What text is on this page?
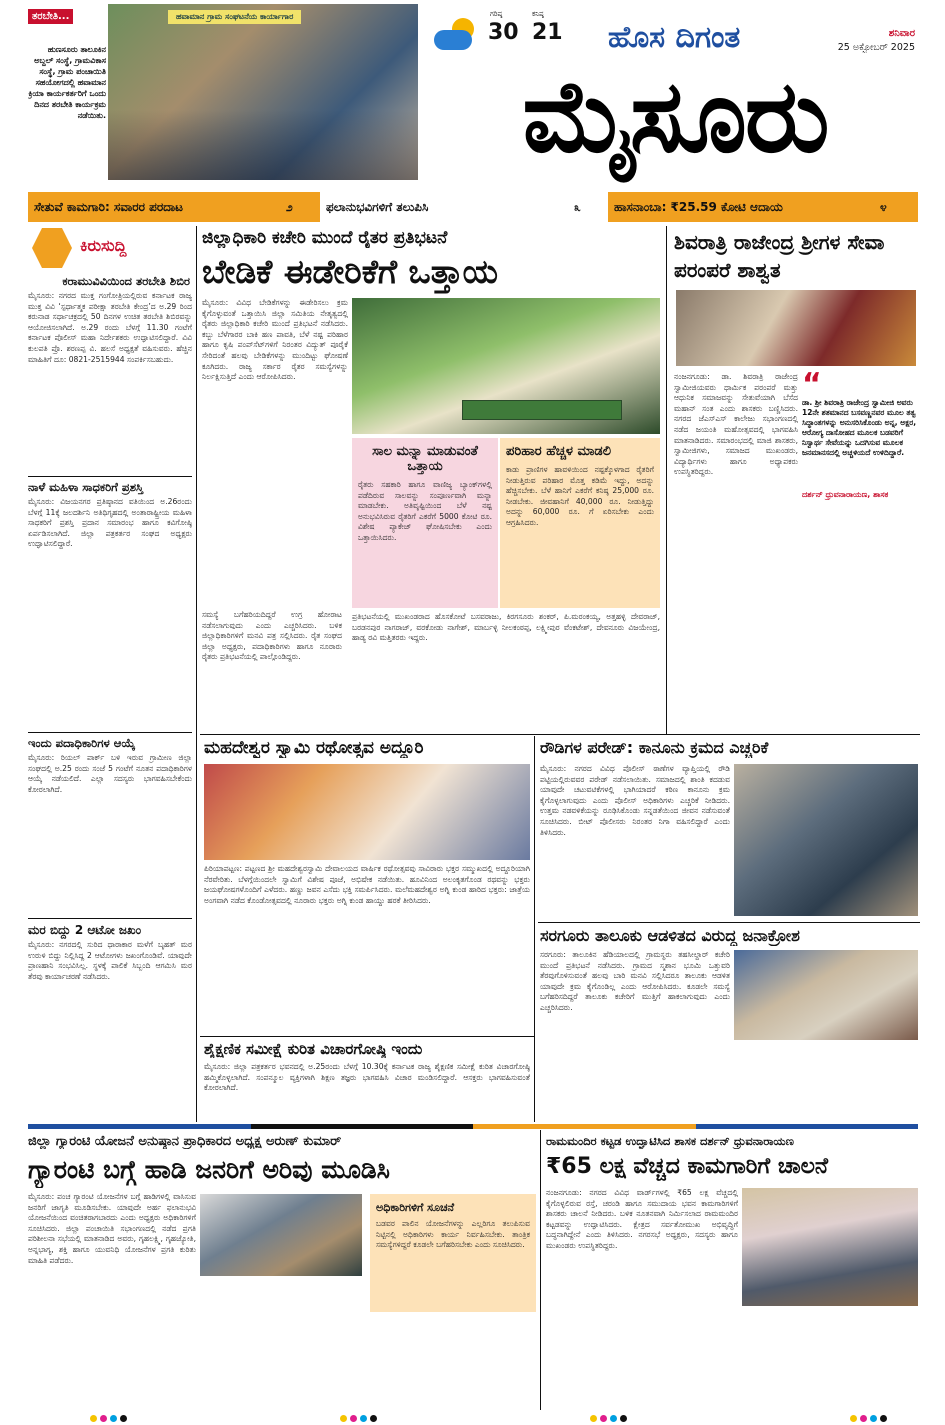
ತರಬೇತಿ...
ಹುಣಸೂರು ತಾಲೂಕಿನ ಅಬ್ದಲ್ ಸಂಸ್ಥೆ, ಗ್ರಾಮವಿಕಾಸ ಸಂಸ್ಥೆ, ಗ್ರಾಮ ಪಂಚಾಯಿತಿ ಸಹಯೋಗದಲ್ಲಿ ಹವಾಮಾನ ಕ್ರಿಯಾ ಕಾರ್ಯಕರ್ತರಿಗೆ ಒಂದು ದಿನದ ತರಬೇತಿ ಕಾರ್ಯಕ್ರಮ ನಡೆಯಿತು.
ಹವಾಮಾನ ಗ್ರಾಮ ಸಂಘಟನೆಯ ಕಾರ್ಯಾಗಾರ	ಗರಿಷ್ಠ
30
ಕನಿಷ್ಠ
21 ಹೊಸ ದಿಗಂತ	ಶನಿವಾರ
25 ಅಕ್ಟೋಬರ್ 2025
ಮೈಸೂರು
ಸೇತುವೆ ಕಾಮಗಾರಿ: ಸವಾರರ ಪರದಾಟ	೨	ಫಲಾನುಭವಿಗಳಿಗೆ ತಲುಪಿಸಿ	೩	ಹಾಸನಾಂಬಾ: ₹25.59 ಕೋಟಿ ಆದಾಯ	೪
ಕಿರುಸುದ್ದಿ
ಕರಾಮುವಿವಿಯಿಂದ ತರಬೇತಿ ಶಿಬಿರ
ಮೈಸೂರು: ನಗರದ ಮುಕ್ತ ಗಂಗೋತ್ರಿಯಲ್ಲಿರುವ ಕರ್ನಾಟಕ ರಾಜ್ಯ ಮುಕ್ತ ವಿವಿ ‘ಸ್ಪರ್ಧಾತ್ಮಕ ಪರೀಕ್ಷಾ ತರಬೇತಿ ಕೇಂದ್ರ’ದ ಅ.29 ರಿಂದ ಕರುನಾಡ ಸರ್ಧಾಚಕ್ರದಲ್ಲಿ 50 ದಿನಗಳ ಉಚಿತ ತರಬೇತಿ ಶಿಬಿರವನ್ನು ಆಯೋಜಿಸಲಾಗಿದೆ. ಅ.29 ರಂದು ಬೆಳಗ್ಗೆ 11.30 ಗಂಟೆಗೆ ಕರ್ನಾಟಕ ಪೊಲೀಸ್ ಮಹಾ ನಿರ್ದೇಶಕರು ಉದ್ಘಾಟಿಸಲಿದ್ದಾರೆ. ವಿವಿ ಕುಲಪತಿ ಪ್ರೊ. ಶರಣಪ್ಪ ವಿ. ಹಲಸೆ ಅಧ್ಯಕ್ಷತೆ ವಹಿಸುವರು. ಹೆಚ್ಚಿನ ಮಾಹಿತಿಗೆ ದೂ: 0821-2515944 ಸಂಪರ್ಕಿಸಬಹುದು.
ನಾಳೆ ಮಹಿಳಾ ಸಾಧಕರಿಗೆ ಪ್ರಶಸ್ತಿ
ಮೈಸೂರು: ವಿಜಯನಗರ ಪ್ರತಿಷ್ಠಾನದ ವತಿಯಿಂದ ಅ.26ರಂದು ಬೆಳಗ್ಗೆ 11ಕ್ಕೆ ಜಲದರ್ಶಿನಿ ಅತಿಥಿಗೃಹದಲ್ಲಿ ಅಂತಾರಾಷ್ಟ್ರೀಯ ಮಹಿಳಾ ಸಾಧಕರಿಗೆ ಪ್ರಶಸ್ತಿ ಪ್ರದಾನ ಸಮಾರಂಭ ಹಾಗೂ ಕವಿಗೋಷ್ಠಿ ಏರ್ಪಡಿಸಲಾಗಿದೆ. ಜಿಲ್ಲಾ ಪತ್ರಕರ್ತರ ಸಂಘದ ಅಧ್ಯಕ್ಷರು ಉದ್ಘಾಟಿಸಲಿದ್ದಾರೆ.
ಇಂದು ಪದಾಧಿಕಾರಿಗಳ ಆಯ್ಕೆ
ಮೈಸೂರು: ರಿಯಲ್‌ ಪಾರ್ಕ್ ಬಳಿ ಇರುವ ಗ್ರಾಮೀಣ ಜಿಲ್ಲಾ ಸಂಘದಲ್ಲಿ ಅ.25 ರಂದು ಸಂಜೆ 5 ಗಂಟೆಗೆ ನೂತನ ಪದಾಧಿಕಾರಿಗಳ ಆಯ್ಕೆ ನಡೆಯಲಿದೆ. ಎಲ್ಲಾ ಸದಸ್ಯರು ಭಾಗವಹಿಸಬೇಕೆಂದು ಕೋರಲಾಗಿದೆ.
ಮರ ಬಿದ್ದು 2 ಆಟೋ ಜಖಂ
ಮೈಸೂರು: ನಗರದಲ್ಲಿ ಸುರಿದ ಧಾರಾಕಾರ ಮಳೆಗೆ ಬೃಹತ್ ಮರ ಉರುಳಿ ಬಿದ್ದು ನಿಲ್ಲಿಸಿದ್ದ 2 ಆಟೋಗಳು ಜಖಂಗೊಂಡಿವೆ. ಯಾವುದೇ ಪ್ರಾಣಹಾನಿ ಸಂಭವಿಸಿಲ್ಲ. ಸ್ಥಳಕ್ಕೆ ಪಾಲಿಕೆ ಸಿಬ್ಬಂದಿ ಆಗಮಿಸಿ ಮರ ತೆರವು ಕಾರ್ಯಾಚರಣೆ ನಡೆಸಿದರು.
ಜಿಲ್ಲಾಧಿಕಾರಿ ಕಚೇರಿ ಮುಂದೆ ರೈತರ ಪ್ರತಿಭಟನೆ
ಬೇಡಿಕೆ ಈಡೇರಿಕೆಗೆ ಒತ್ತಾಯ
ಮೈಸೂರು: ವಿವಿಧ ಬೇಡಿಕೆಗಳನ್ನು ಈಡೇರಿಸಲು ಕ್ರಮ ಕೈಗೊಳ್ಳುವಂತೆ ಒತ್ತಾಯಿಸಿ ಜಿಲ್ಲಾ ಸಮಿತಿಯ ನೇತೃತ್ವದಲ್ಲಿ ರೈತರು ಜಿಲ್ಲಾಧಿಕಾರಿ ಕಚೇರಿ ಮುಂದೆ ಪ್ರತಿಭಟನೆ ನಡೆಸಿದರು. ಕಬ್ಬು ಬೆಳೆಗಾರರ ಬಾಕಿ ಹಣ ಪಾವತಿ, ಬೆಳೆ ನಷ್ಟ ಪರಿಹಾರ ಹಾಗೂ ಕೃಷಿ ಪಂಪ್‌ಸೆಟ್‌ಗಳಿಗೆ ನಿರಂತರ ವಿದ್ಯುತ್ ಪೂರೈಕೆ ಸೇರಿದಂತೆ ಹಲವು ಬೇಡಿಕೆಗಳನ್ನು ಮುಂದಿಟ್ಟು ಘೋಷಣೆ ಕೂಗಿದರು. ರಾಜ್ಯ ಸರ್ಕಾರ ರೈತರ ಸಮಸ್ಯೆಗಳನ್ನು ನಿರ್ಲಕ್ಷಿಸುತ್ತಿದೆ ಎಂದು ಆರೋಪಿಸಿದರು.
ಸಮಸ್ಯೆ ಬಗೆಹರಿಯದಿದ್ದರೆ ಉಗ್ರ ಹೋರಾಟ ನಡೆಸಲಾಗುವುದು ಎಂದು ಎಚ್ಚರಿಸಿದರು. ಬಳಿಕ ಜಿಲ್ಲಾಧಿಕಾರಿಗಳಿಗೆ ಮನವಿ ಪತ್ರ ಸಲ್ಲಿಸಿದರು. ರೈತ ಸಂಘದ ಜಿಲ್ಲಾ ಅಧ್ಯಕ್ಷರು, ಪದಾಧಿಕಾರಿಗಳು ಹಾಗೂ ನೂರಾರು ರೈತರು ಪ್ರತಿಭಟನೆಯಲ್ಲಿ ಪಾಲ್ಗೊಂಡಿದ್ದರು.
ಸಾಲ ಮನ್ನಾ ಮಾಡುವಂತೆ ಒತ್ತಾಯ
ರೈತರು ಸಹಕಾರಿ ಹಾಗೂ ವಾಣಿಜ್ಯ ಬ್ಯಾಂಕ್‌ಗಳಲ್ಲಿ ಪಡೆದಿರುವ ಸಾಲವನ್ನು ಸಂಪೂರ್ಣವಾಗಿ ಮನ್ನಾ ಮಾಡಬೇಕು. ಅತಿವೃಷ್ಟಿಯಿಂದ ಬೆಳೆ ನಷ್ಟ ಅನುಭವಿಸಿರುವ ರೈತರಿಗೆ ಎಕರೆಗೆ 5000 ಕೋಟಿ ರೂ. ವಿಶೇಷ ಪ್ಯಾಕೇಜ್ ಘೋಷಿಸಬೇಕು ಎಂದು ಒತ್ತಾಯಿಸಿದರು.
ಪರಿಹಾರ ಹೆಚ್ಚಳ ಮಾಡಲಿ
ಕಾಡು ಪ್ರಾಣಿಗಳ ಹಾವಳಿಯಿಂದ ನಷ್ಟಕ್ಕೊಳಗಾದ ರೈತರಿಗೆ ನೀಡುತ್ತಿರುವ ಪರಿಹಾರ ಮೊತ್ತ ಕಡಿಮೆ ಇದ್ದು, ಅದನ್ನು ಹೆಚ್ಚಿಸಬೇಕು. ಬೆಳೆ ಹಾನಿಗೆ ಎಕರೆಗೆ ಕನಿಷ್ಠ 25,000 ರೂ. ನೀಡಬೇಕು. ಜೀವಹಾನಿಗೆ 40,000 ರೂ. ನೀಡುತ್ತಿದ್ದು ಅದನ್ನು 60,000 ರೂ. ಗೆ ಏರಿಸಬೇಕು ಎಂದು ಆಗ್ರಹಿಸಿದರು.
ಪ್ರತಿಭಟನೆಯಲ್ಲಿ ಮುಖಂಡರಾದ ಹೊಸಕೋಟೆ ಬಸವರಾಜು, ಕಿರಗಸೂರು ಶಂಕರ್, ಪಿ.ಮರಂಕಯ್ಯ, ಅತ್ತಹಳ್ಳಿ ದೇವರಾಜ್, ಬರಡನಪುರ ನಾಗರಾಜ್, ವರಕೋಡು ನಾಗೇಶ್, ಮಾರ್ಬಳ್ಳಿ ನೀಲಕಂಠಪ್ಪ, ಲಕ್ಷ್ಮೀಪುರ ವೆಂಕಟೇಶ್, ದೇವನೂರು ವಿಜಯೇಂದ್ರ, ಹಾಡ್ಯ ರವಿ ಮತ್ತಿತರರು ಇದ್ದರು.
ಶಿವರಾತ್ರಿ ರಾಜೇಂದ್ರ ಶ್ರೀಗಳ ಸೇವಾ ಪರಂಪರೆ ಶಾಶ್ವತ
ನಂಜನಗೂಡು: ಡಾ. ಶಿವರಾತ್ರಿ ರಾಜೇಂದ್ರ ಸ್ವಾಮೀಜಿಯವರು ಧಾರ್ಮಿಕ ಪರಂಪರೆ ಮತ್ತು ಆಧುನಿಕ ಸಮಾಜವನ್ನು ಸೇತುವೆಯಾಗಿ ಬೆಸೆದ ಮಹಾನ್ ಸಂತ ಎಂದು ಶಾಸಕರು ಬಣ್ಣಿಸಿದರು. ನಗರದ ಜೆಎಸ್‌ಎಸ್ ಕಾಲೇಜು ಸಭಾಂಗಣದಲ್ಲಿ ನಡೆದ ಜಯಂತಿ ಮಹೋತ್ಸವದಲ್ಲಿ ಭಾಗವಹಿಸಿ ಮಾತನಾಡಿದರು. ಸಮಾರಂಭದಲ್ಲಿ ಮಾಜಿ ಶಾಸಕರು, ಸ್ವಾಮೀಜಿಗಳು, ಸಮಾಜದ ಮುಖಂಡರು, ವಿದ್ಯಾರ್ಥಿಗಳು ಹಾಗೂ ಅಧ್ಯಾಪಕರು ಉಪಸ್ಥಿತರಿದ್ದರು.
“
ಡಾ. ಶ್ರೀ ಶಿವರಾತ್ರಿ ರಾಜೇಂದ್ರ ಸ್ವಾಮೀಜಿ ಅವರು 12ನೇ ಶತಮಾನದ ಬಸವಣ್ಣನವರ ಮೂಲ ತತ್ವ ಸಿದ್ಧಾಂತಗಳನ್ನು ಅನುಸರಿಸಿಕೊಂಡು ಅನ್ನ, ಅಕ್ಷರ, ಆರೋಗ್ಯ ದಾಸೋಹದ ಮೂಲಕ ಬಡವರಿಗೆ ನಿಸ್ವಾರ್ಥ ಸೇವೆಯನ್ನು ಒದಗಿಸುವ ಮೂಲಕ ಜನಮಾನಸದಲ್ಲಿ ಅಚ್ಚಳಿಯದೆ ಉಳಿದಿದ್ದಾರೆ.
ದರ್ಶನ್ ಧ್ರುವನಾರಾಯಣ, ಶಾಸಕ
ಮಹದೇಶ್ವರ ಸ್ವಾಮಿ ರಥೋತ್ಸವ ಅದ್ದೂರಿ
ಪಿರಿಯಾಪಟ್ಟಣ: ಪಟ್ಟಣದ ಶ್ರೀ ಮಹದೇಶ್ವರಸ್ವಾಮಿ ದೇವಾಲಯದ ವಾರ್ಷಿಕ ರಥೋತ್ಸವವು ಸಾವಿರಾರು ಭಕ್ತರ ಸಮ್ಮುಖದಲ್ಲಿ ಅದ್ದೂರಿಯಾಗಿ ನೆರವೇರಿತು. ಬೆಳಗ್ಗೆಯಿಂದಲೇ ಸ್ವಾಮಿಗೆ ವಿಶೇಷ ಪೂಜೆ, ಅಭಿಷೇಕ ನಡೆಯಿತು. ಹೂವಿನಿಂದ ಅಲಂಕೃತಗೊಂಡ ರಥವನ್ನು ಭಕ್ತರು ಜಯಘೋಷಗಳೊಂದಿಗೆ ಎಳೆದರು. ಹಣ್ಣು ಜವನ ಎಸೆದು ಭಕ್ತಿ ಸಮರ್ಪಿಸಿದರು. ಮಲೆಮಹದೇಶ್ವರ ಅಗ್ನಿ ಕುಂಡ ಹಾರಿದ ಭಕ್ತರು: ಜಾತ್ರೆಯ ಅಂಗವಾಗಿ ನಡೆದ ಕೊಂಡೋತ್ಸವದಲ್ಲಿ ನೂರಾರು ಭಕ್ತರು ಅಗ್ನಿ ಕುಂಡ ಹಾಯ್ದು ಹರಕೆ ತೀರಿಸಿದರು.
ರೌಡಿಗಳ ಪರೇಡ್: ಕಾನೂನು ಕ್ರಮದ ಎಚ್ಚರಿಕೆ
ಮೈಸೂರು: ನಗರದ ವಿವಿಧ ಪೊಲೀಸ್ ಠಾಣೆಗಳ ವ್ಯಾಪ್ತಿಯಲ್ಲಿ ರೌಡಿ ಪಟ್ಟಿಯಲ್ಲಿರುವವರ ಪರೇಡ್ ನಡೆಸಲಾಯಿತು. ಸಮಾಜದಲ್ಲಿ ಶಾಂತಿ ಕದಡುವ ಯಾವುದೇ ಚಟುವಟಿಕೆಗಳಲ್ಲಿ ಭಾಗಿಯಾದರೆ ಕಠಿಣ ಕಾನೂನು ಕ್ರಮ ಕೈಗೊಳ್ಳಲಾಗುವುದು ಎಂದು ಪೊಲೀಸ್ ಅಧಿಕಾರಿಗಳು ಎಚ್ಚರಿಕೆ ನೀಡಿದರು. ಉತ್ತಮ ನಡವಳಿಕೆಯನ್ನು ರೂಢಿಸಿಕೊಂಡು ಸನ್ನಡತೆಯಿಂದ ಜೀವನ ನಡೆಸುವಂತೆ ಸೂಚಿಸಿದರು. ಬೀಟ್ ಪೊಲೀಸರು ನಿರಂತರ ನಿಗಾ ವಹಿಸಲಿದ್ದಾರೆ ಎಂದು ತಿಳಿಸಿದರು.
ಸರಗೂರು ತಾಲೂಕು ಆಡಳಿತದ ವಿರುದ್ಧ ಜನಾಕ್ರೋಶ
ಸರಗೂರು: ತಾಲೂಕಿನ ಹೆಡಿಯಾಲದಲ್ಲಿ ಗ್ರಾಮಸ್ಥರು ತಹಸೀಲ್ದಾರ್ ಕಚೇರಿ ಮುಂದೆ ಪ್ರತಿಭಟನೆ ನಡೆಸಿದರು. ಗ್ರಾಮದ ಸ್ಮಶಾನ ಭೂಮಿ ಒತ್ತುವರಿ ತೆರವುಗೊಳಿಸುವಂತೆ ಹಲವು ಬಾರಿ ಮನವಿ ಸಲ್ಲಿಸಿದರೂ ತಾಲೂಕು ಆಡಳಿತ ಯಾವುದೇ ಕ್ರಮ ಕೈಗೊಂಡಿಲ್ಲ ಎಂದು ಆರೋಪಿಸಿದರು. ಕೂಡಲೇ ಸಮಸ್ಯೆ ಬಗೆಹರಿಸದಿದ್ದರೆ ತಾಲೂಕು ಕಚೇರಿಗೆ ಮುತ್ತಿಗೆ ಹಾಕಲಾಗುವುದು ಎಂದು ಎಚ್ಚರಿಸಿದರು.
ಶೈಕ್ಷಣಿಕ ಸಮೀಕ್ಷೆ ಕುರಿತ ವಿಚಾರಗೋಷ್ಠಿ ಇಂದು
ಮೈಸೂರು: ಜಿಲ್ಲಾ ಪತ್ರಕರ್ತರ ಭವನದಲ್ಲಿ ಅ.25ರಂದು ಬೆಳಗ್ಗೆ 10.30ಕ್ಕೆ ಕರ್ನಾಟಕ ರಾಜ್ಯ ಶೈಕ್ಷಣಿಕ ಸಮೀಕ್ಷೆ ಕುರಿತ ವಿಚಾರಗೋಷ್ಠಿ ಹಮ್ಮಿಕೊಳ್ಳಲಾಗಿದೆ. ಸಂಪನ್ಮೂಲ ವ್ಯಕ್ತಿಗಳಾಗಿ ಶಿಕ್ಷಣ ತಜ್ಞರು ಭಾಗವಹಿಸಿ ವಿಚಾರ ಮಂಡಿಸಲಿದ್ದಾರೆ. ಆಸಕ್ತರು ಭಾಗವಹಿಸುವಂತೆ ಕೋರಲಾಗಿದೆ.
ಜಿಲ್ಲಾ ಗ್ಯಾರಂಟಿ ಯೋಜನೆ ಅನುಷ್ಠಾನ ಪ್ರಾಧಿಕಾರದ ಅಧ್ಯಕ್ಷ ಅರುಣ್ ಕುಮಾರ್
ಗ್ಯಾರಂಟಿ ಬಗ್ಗೆ ಹಾಡಿ ಜನರಿಗೆ ಅರಿವು ಮೂಡಿಸಿ
ಮೈಸೂರು: ಪಂಚ ಗ್ಯಾರಂಟಿ ಯೋಜನೆಗಳ ಬಗ್ಗೆ ಹಾಡಿಗಳಲ್ಲಿ ವಾಸಿಸುವ ಜನರಿಗೆ ಜಾಗೃತಿ ಮೂಡಿಸಬೇಕು. ಯಾವುದೇ ಅರ್ಹ ಫಲಾನುಭವಿ ಯೋಜನೆಯಿಂದ ವಂಚಿತರಾಗಬಾರದು ಎಂದು ಅಧ್ಯಕ್ಷರು ಅಧಿಕಾರಿಗಳಿಗೆ ಸೂಚಿಸಿದರು. ಜಿಲ್ಲಾ ಪಂಚಾಯಿತಿ ಸಭಾಂಗಣದಲ್ಲಿ ನಡೆದ ಪ್ರಗತಿ ಪರಿಶೀಲನಾ ಸಭೆಯಲ್ಲಿ ಮಾತನಾಡಿದ ಅವರು, ಗೃಹಲಕ್ಷ್ಮಿ, ಗೃಹಜ್ಯೋತಿ, ಅನ್ನಭಾಗ್ಯ, ಶಕ್ತಿ ಹಾಗೂ ಯುವನಿಧಿ ಯೋಜನೆಗಳ ಪ್ರಗತಿ ಕುರಿತು ಮಾಹಿತಿ ಪಡೆದರು.
ಅಧಿಕಾರಿಗಳಿಗೆ ಸೂಚನೆ
ಬಡವರ ಪಾಲಿನ ಯೋಜನೆಗಳನ್ನು ಎಲ್ಲರಿಗೂ ತಲುಪಿಸುವ ನಿಟ್ಟಿನಲ್ಲಿ ಅಧಿಕಾರಿಗಳು ಕಾರ್ಯ ನಿರ್ವಹಿಸಬೇಕು. ತಾಂತ್ರಿಕ ಸಮಸ್ಯೆಗಳಿದ್ದರೆ ಕೂಡಲೇ ಬಗೆಹರಿಸಬೇಕು ಎಂದು ಸೂಚಿಸಿದರು.
ರಾಮಮಂದಿರ ಕಟ್ಟಡ ಉದ್ಘಾಟಿಸಿದ ಶಾಸಕ ದರ್ಶನ್ ಧ್ರುವನಾರಾಯಣ
₹65 ಲಕ್ಷ ವೆಚ್ಚದ ಕಾಮಗಾರಿಗೆ ಚಾಲನೆ
ನಂಜನಗೂಡು: ನಗರದ ವಿವಿಧ ವಾರ್ಡ್‌ಗಳಲ್ಲಿ ₹65 ಲಕ್ಷ ವೆಚ್ಚದಲ್ಲಿ ಕೈಗೊಳ್ಳಲಿರುವ ರಸ್ತೆ, ಚರಂಡಿ ಹಾಗೂ ಸಮುದಾಯ ಭವನ ಕಾಮಗಾರಿಗಳಿಗೆ ಶಾಸಕರು ಚಾಲನೆ ನೀಡಿದರು. ಬಳಿಕ ನೂತನವಾಗಿ ನಿರ್ಮಿಸಲಾದ ರಾಮಮಂದಿರ ಕಟ್ಟಡವನ್ನು ಉದ್ಘಾಟಿಸಿದರು. ಕ್ಷೇತ್ರದ ಸರ್ವತೋಮುಖ ಅಭಿವೃದ್ಧಿಗೆ ಬದ್ಧನಾಗಿದ್ದೇನೆ ಎಂದು ತಿಳಿಸಿದರು. ನಗರಸಭೆ ಅಧ್ಯಕ್ಷರು, ಸದಸ್ಯರು ಹಾಗೂ ಮುಖಂಡರು ಉಪಸ್ಥಿತರಿದ್ದರು.
